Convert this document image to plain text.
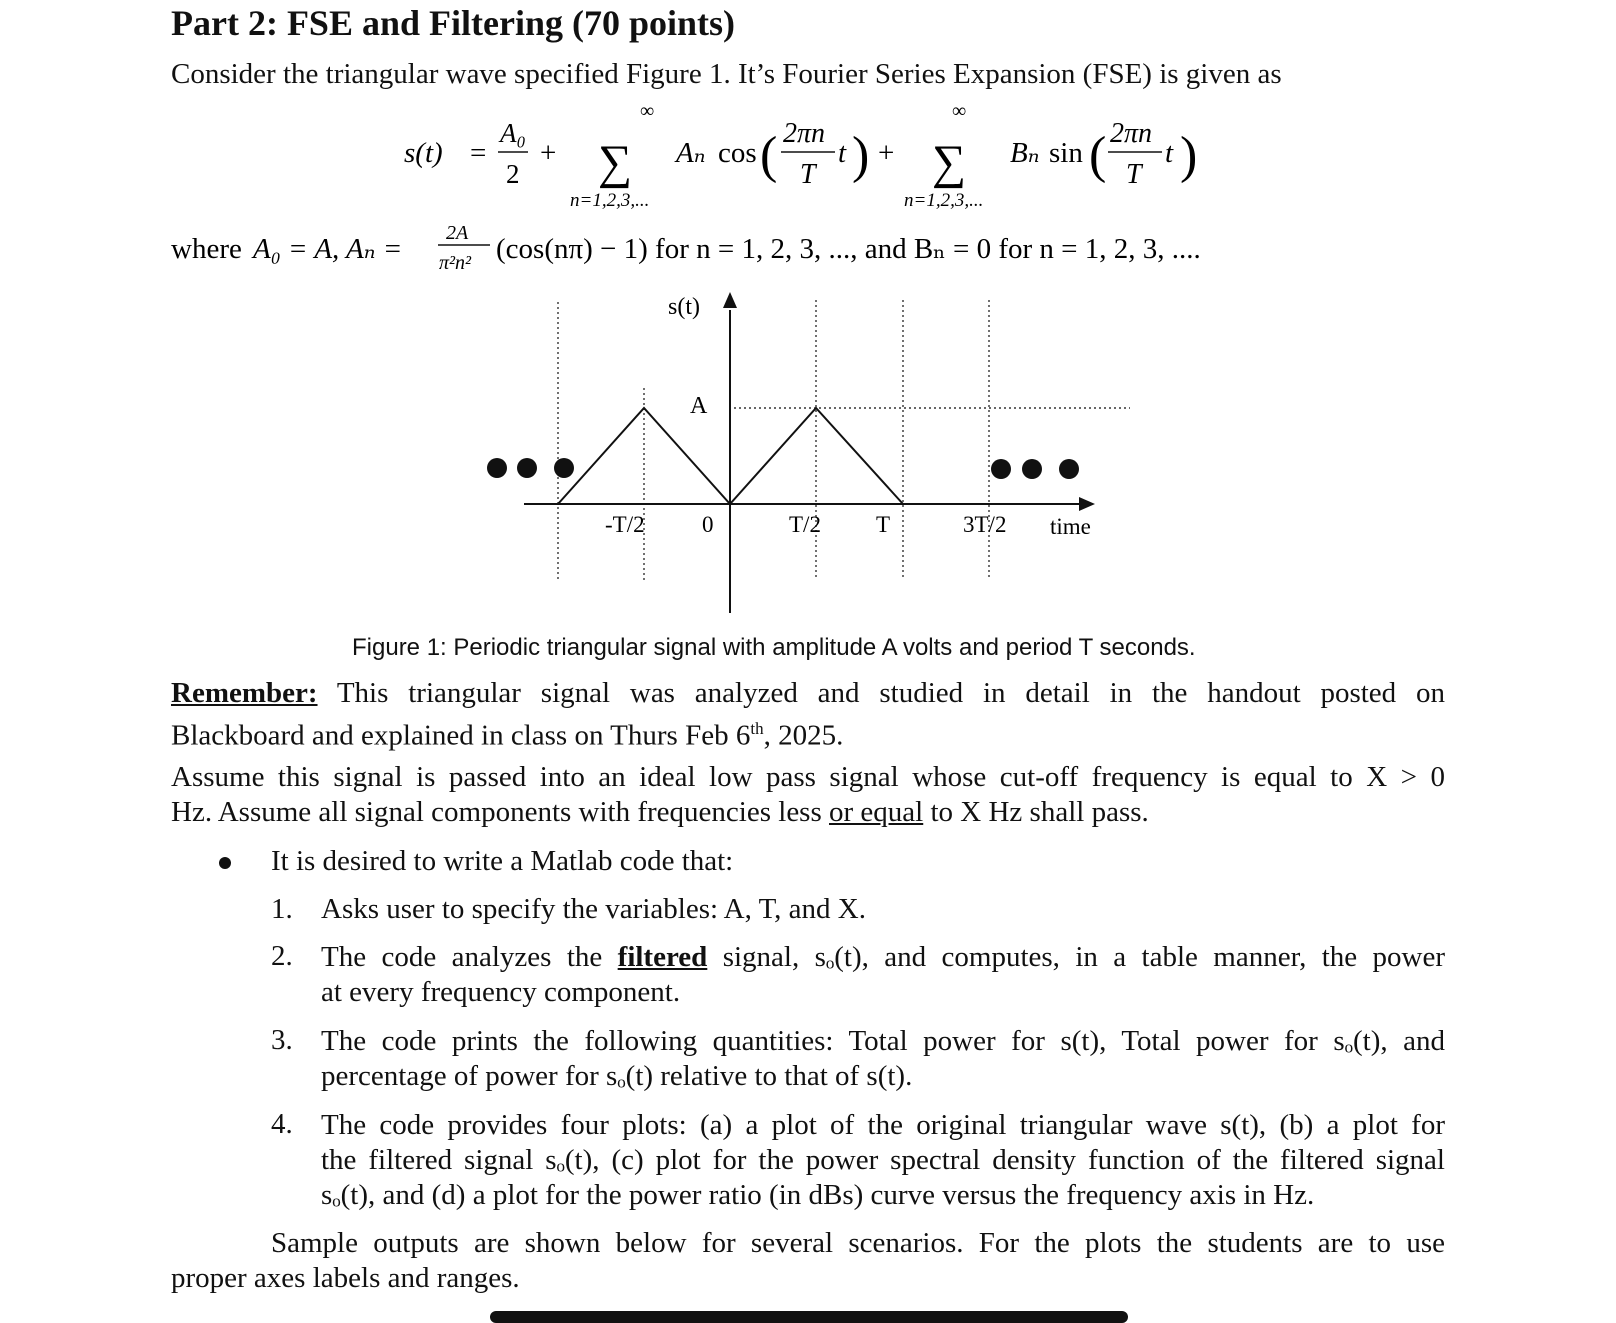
Part 2: FSE and Filtering (70 points)
Consider the triangular wave specified Figure 1. It’s Fourier Series Expansion (FSE) is given as
s(t) =
A₀
2
+
∞
∑
n=1,2,3,...
Aₙ cos ( 2πn
T
t ) +
∞
∑
n=1,2,3,...
Bₙ sin ( 2πn
T
t )
where A₀ = A, Aₙ = 2A
π²n² (cos(nπ) − 1) for n = 1, 2, 3, ..., and Bₙ = 0 for n = 1, 2, 3, ....
s(t)
A
-T/2 0	T/2 T	3T/2 time
Figure 1: Periodic triangular signal with amplitude A volts and period T seconds.
Remember: This triangular signal was analyzed and studied in detail in the handout posted on
Blackboard and explained in class on Thurs Feb 6th, 2025.
Assume this signal is passed into an ideal low pass signal whose cut-off frequency is equal to X > 0
Hz. Assume all signal components with frequencies less or equal to X Hz shall pass.
It is desired to write a Matlab code that:
1. Asks user to specify the variables: A, T, and X.
2. The code analyzes the filtered signal, sₒ(t), and computes, in a table manner, the power
at every frequency component.
3. The code prints the following quantities: Total power for s(t), Total power for sₒ(t), and
percentage of power for sₒ(t) relative to that of s(t).
4. The code provides four plots: (a) a plot of the original triangular wave s(t), (b) a plot for
the filtered signal sₒ(t), (c) plot for the power spectral density function of the filtered signal
sₒ(t), and (d) a plot for the power ratio (in dBs) curve versus the frequency axis in Hz.
Sample outputs are shown below for several scenarios. For the plots the students are to use
proper axes labels and ranges.
